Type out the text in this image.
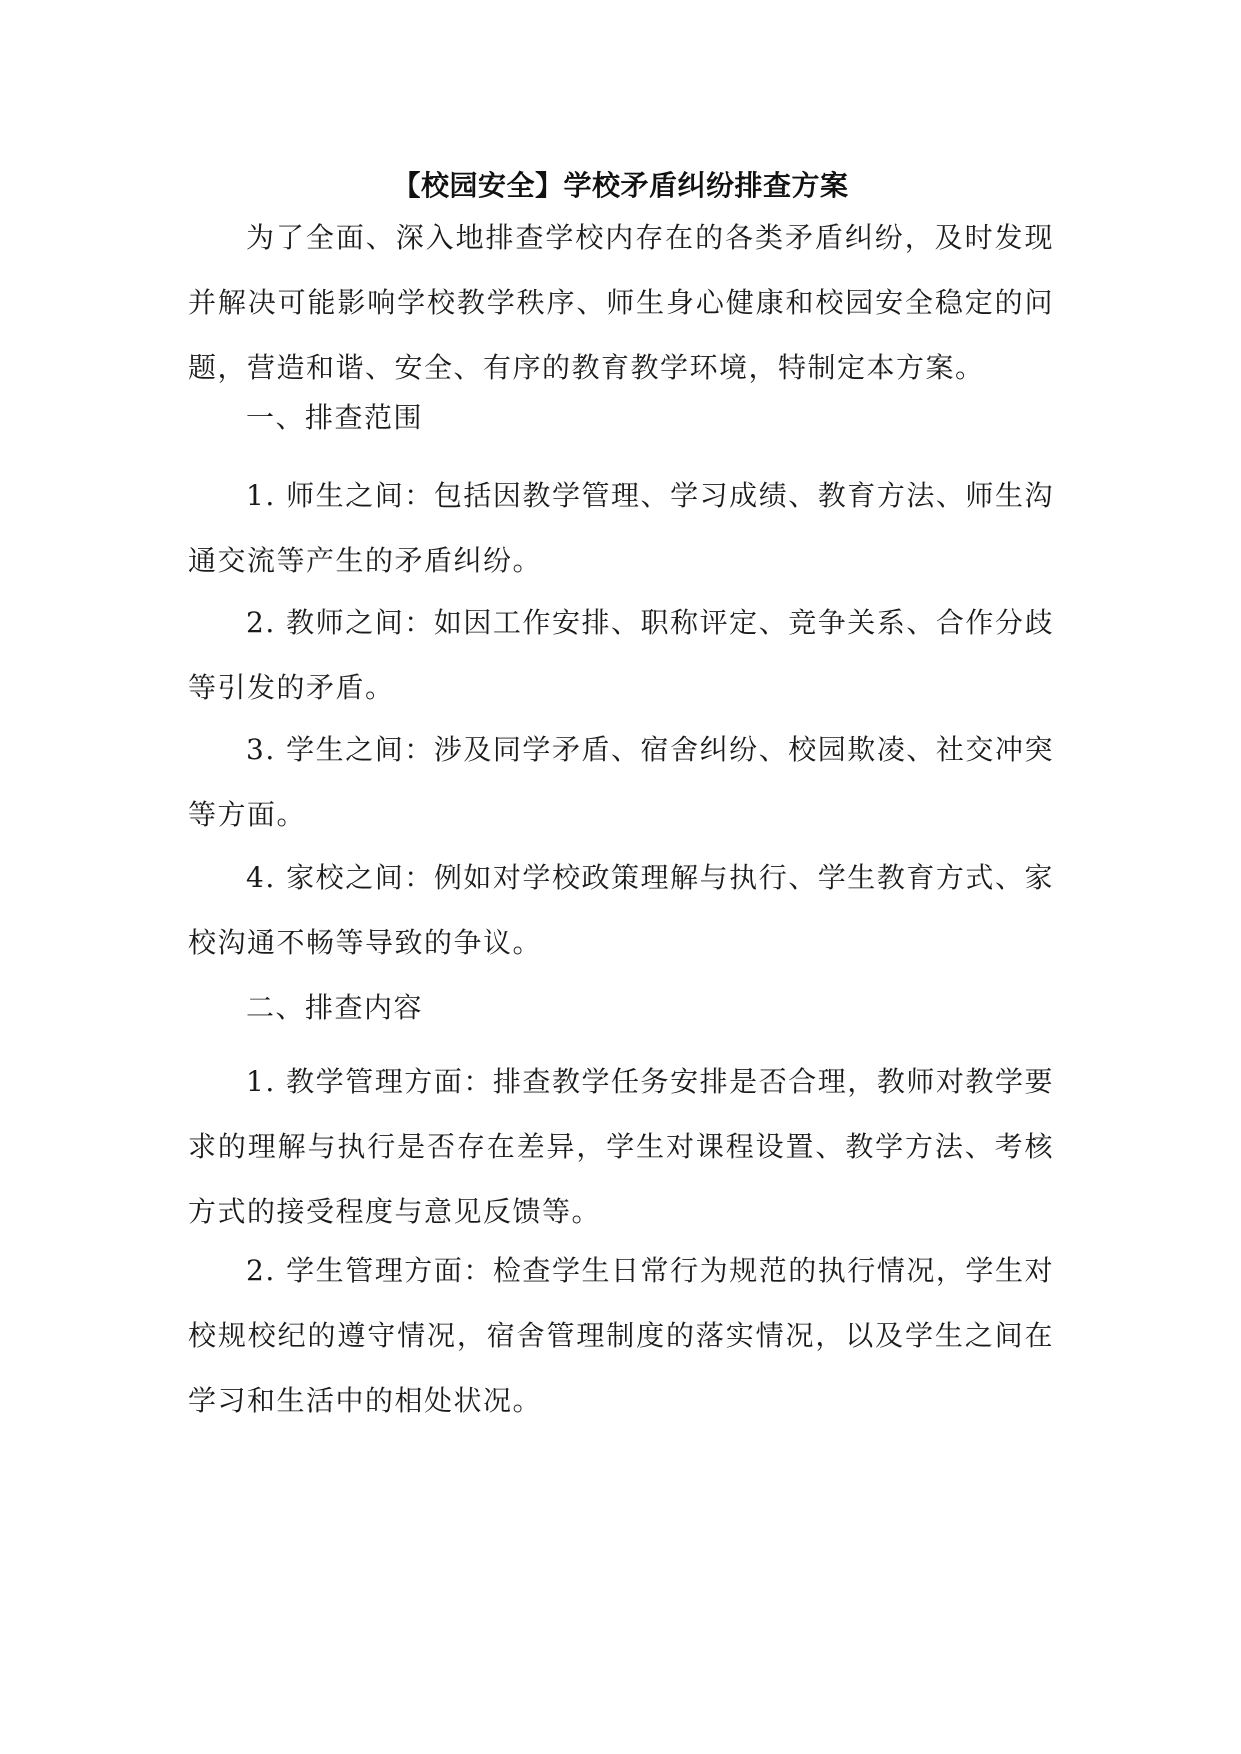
【校园安全】学校矛盾纠纷排查方案
为了全面、深入地排查学校内存在的各类矛盾纠纷，及时发现并解决可能影响学校教学秩序、师生身心健康和校园安全稳定的问题，营造和谐、安全、有序的教育教学环境，特制定本方案。
一、排查范围
1. 师生之间：包括因教学管理、学习成绩、教育方法、师生沟通交流等产生的矛盾纠纷。
2. 教师之间：如因工作安排、职称评定、竞争关系、合作分歧等引发的矛盾。
3. 学生之间：涉及同学矛盾、宿舍纠纷、校园欺凌、社交冲突等方面。
4. 家校之间：例如对学校政策理解与执行、学生教育方式、家校沟通不畅等导致的争议。
二、排查内容
1. 教学管理方面：排查教学任务安排是否合理，教师对教学要求的理解与执行是否存在差异，学生对课程设置、教学方法、考核方式的接受程度与意见反馈等。
2. 学生管理方面：检查学生日常行为规范的执行情况，学生对校规校纪的遵守情况，宿舍管理制度的落实情况，以及学生之间在学习和生活中的相处状况。
